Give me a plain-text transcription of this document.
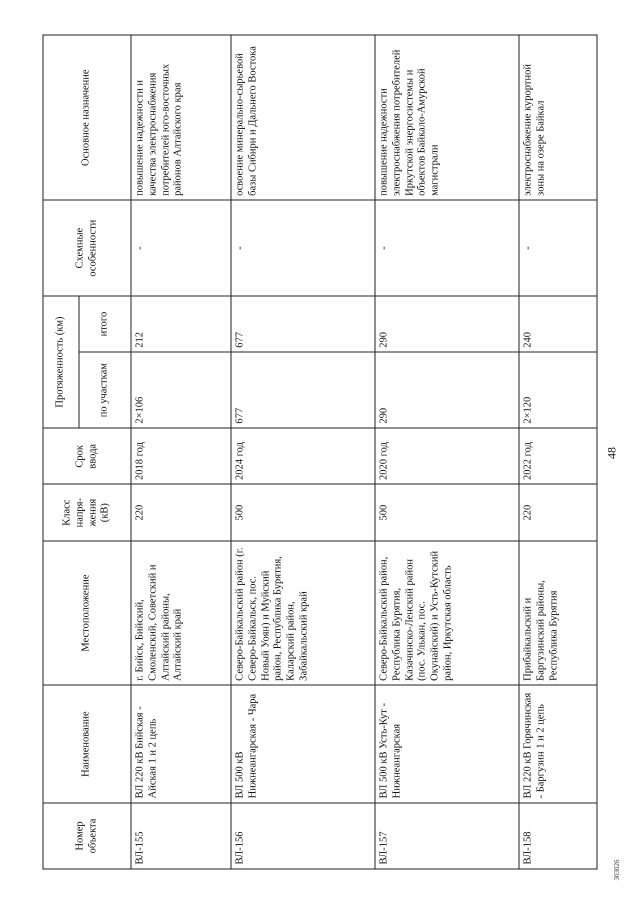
48
303026
Номер объекта	Наименование	Местоположение	Класс напря- жения (кВ)	Срок ввода	Протяженность (км)		Схемные особенности	Основное назначение
					по участкам	итого		
ВЛ-155	ВЛ 220 кВ Бийская - Айская 1 и 2 цепь	г. Бийск, Бийский, Смоленский, Советский и Алтайский районы, Алтайский край	220	2018 год	2×106	212	-	повышение надежности и качества электроснабжения потребителей юго-восточных районов Алтайского края
ВЛ-156	ВЛ 500 кВ Нижнеангарская - Чара	Северо-Байкальский район (г. Северо-Байкальск, пос. Новый Уоян) и Муйский район, Республика Бурятия, Каларский район, Забайкальский край	500	2024 год	677	677	-	освоение минерально-сырьевой базы Сибири и Дальнего Востока
ВЛ-157	ВЛ 500 кВ Усть-Кут - Нижнеангарская	Северо-Байкальский район, Республика Бурятия, Казачинско-Ленский район (пос. Улькан, пос. Окунайский) и Усть-Кутский район, Иркутская область	500	2020 год	290	290	-	повышение надежности электроснабжения потребителей Иркутской энергосистемы и объектов Байкало-Амурской магистрали
ВЛ-158	ВЛ 220 кВ Горячинская - Баргузин 1 и 2 цепь	Прибайкальский и Баргузинский районы, Республика Бурятия	220	2022 год	2×120	240	-	электроснабжение курортной зоны на озере Байкал
